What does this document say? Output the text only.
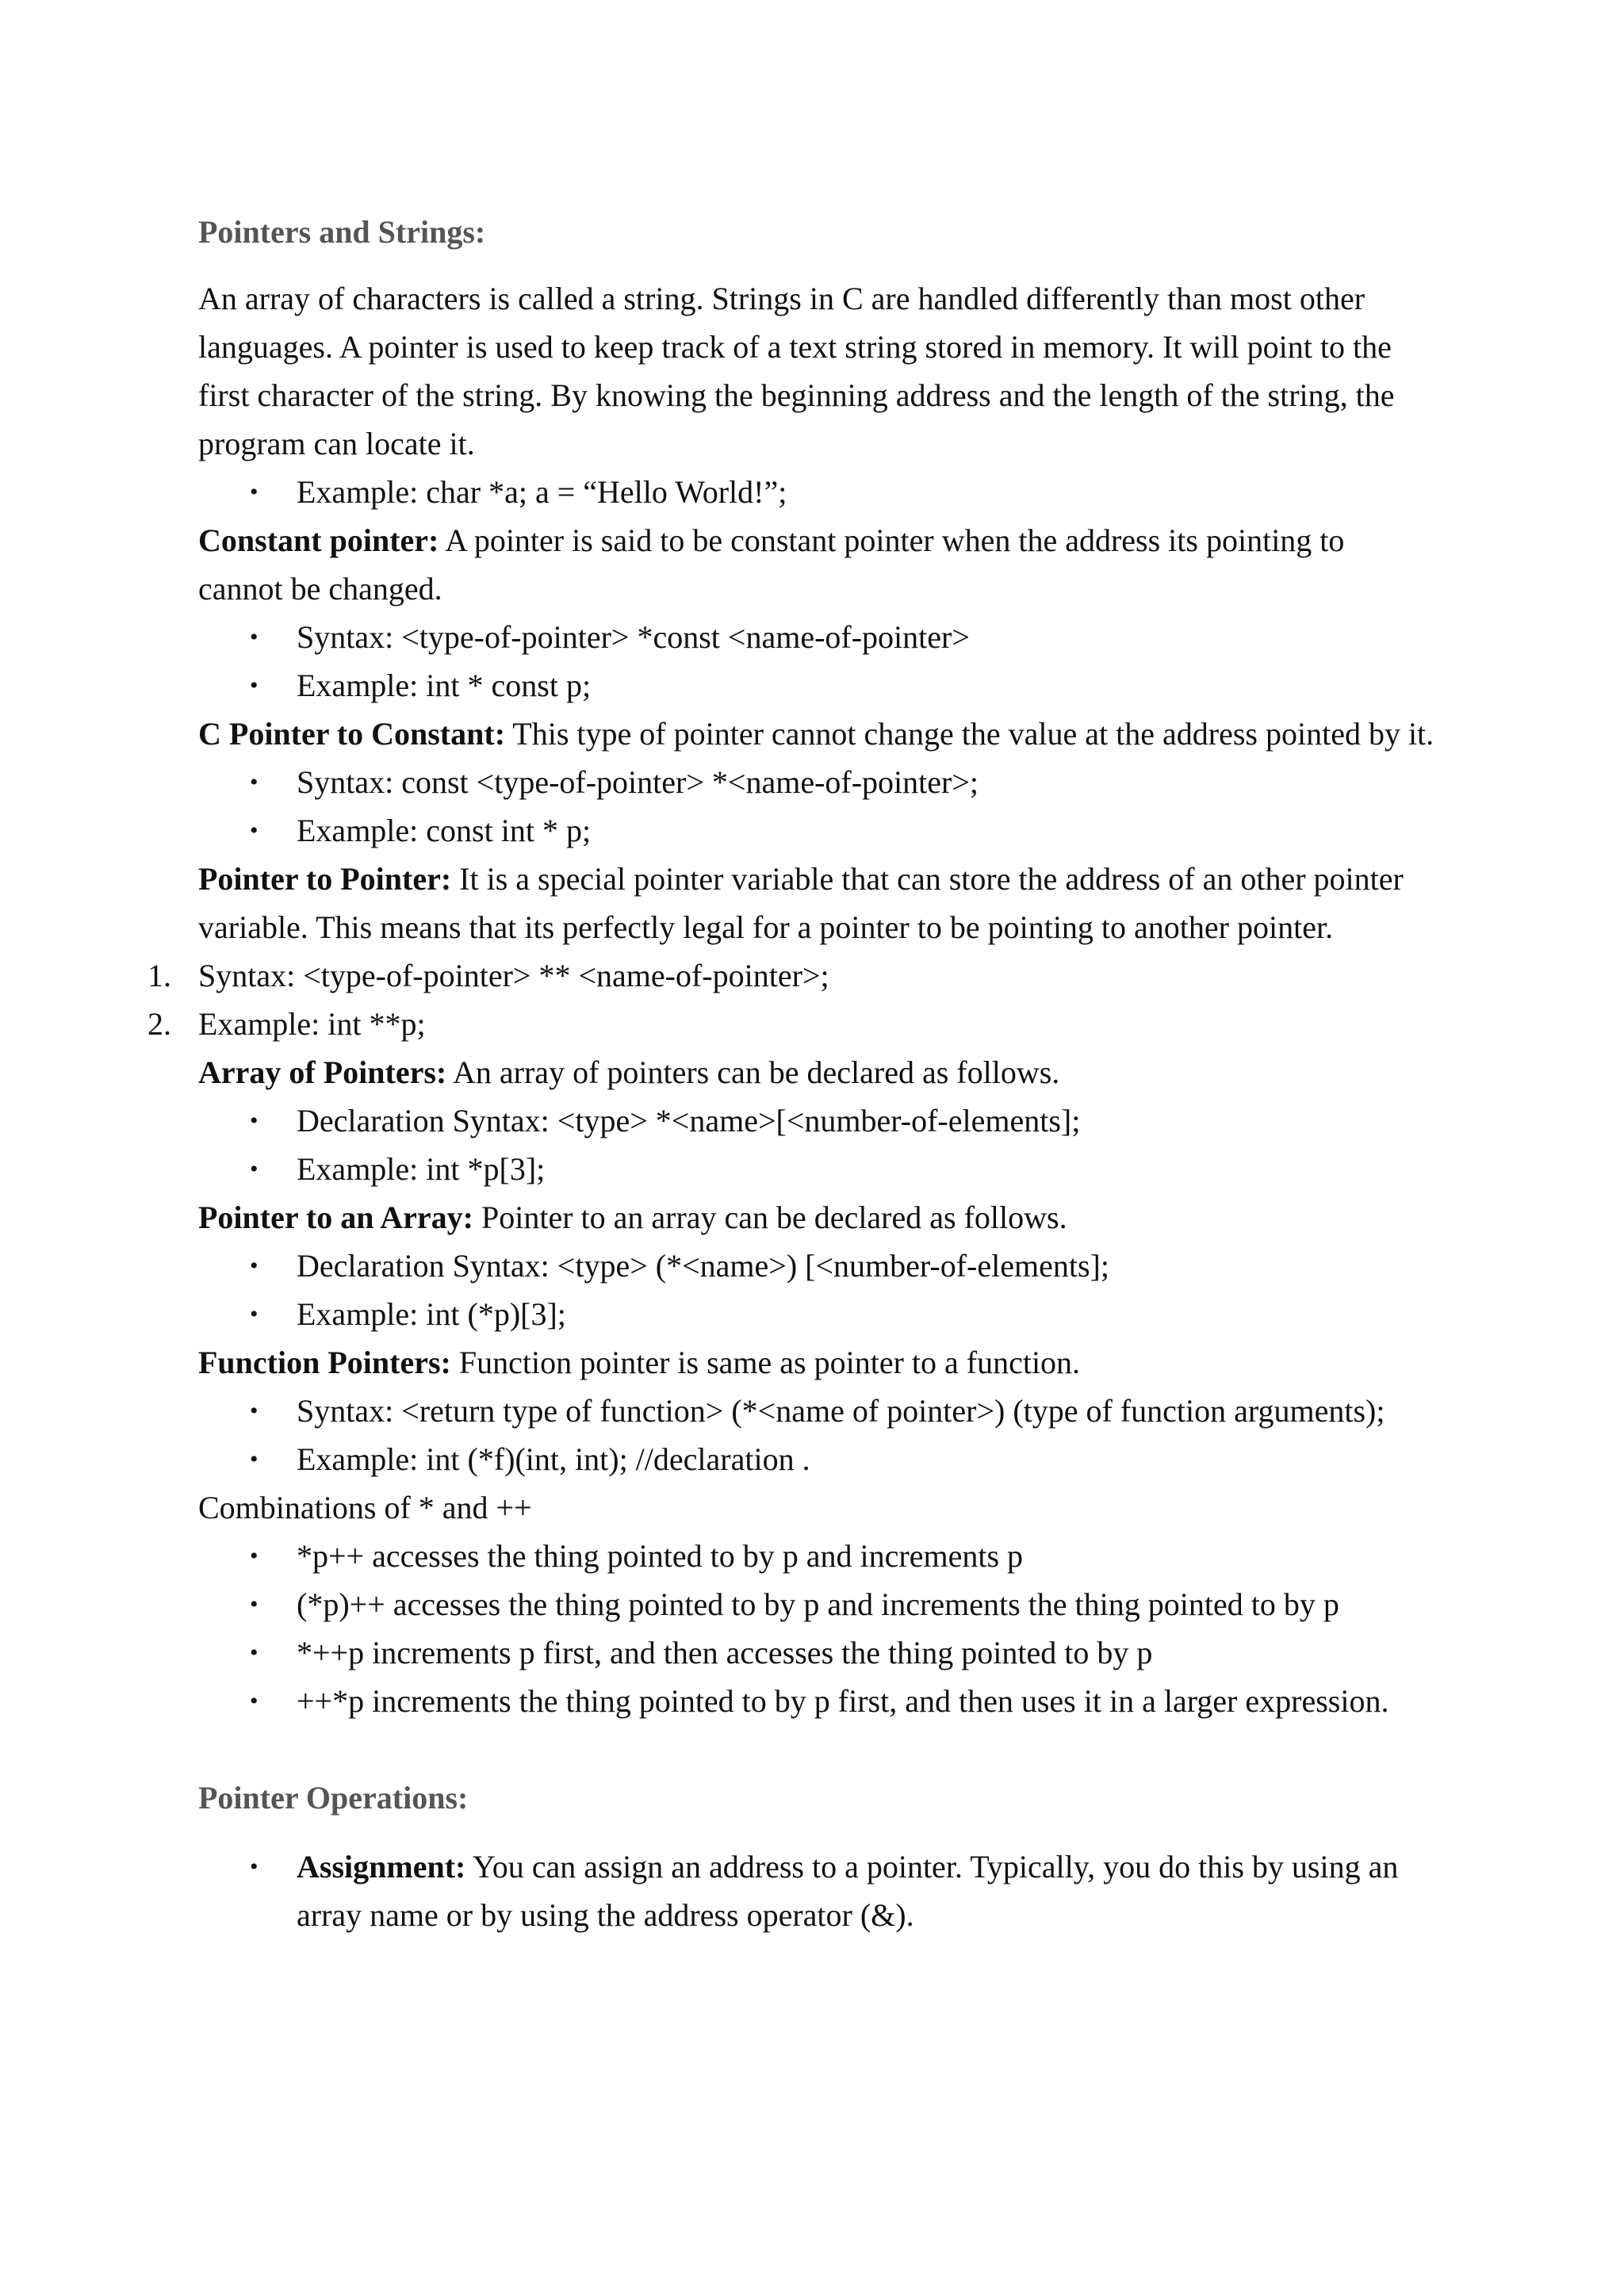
Pointers and Strings:

An array of characters is called a string. Strings in C are handled differently than most other languages. A pointer is used to keep track of a text string stored in memory. It will point to the first character of the string. By knowing the beginning address and the length of the string, the program can locate it.

• Example: char *a; a = “Hello World!”;

Constant pointer: A pointer is said to be constant pointer when the address its pointing to cannot be changed.

• Syntax: <type-of-pointer> *const <name-of-pointer>
• Example: int * const p;

C Pointer to Constant: This type of pointer cannot change the value at the address pointed by it.

• Syntax: const <type-of-pointer> *<name-of-pointer>;
• Example: const int * p;

Pointer to Pointer: It is a special pointer variable that can store the address of an other pointer variable. This means that its perfectly legal for a pointer to be pointing to another pointer.

1. Syntax: <type-of-pointer> ** <name-of-pointer>;
2. Example: int **p;

Array of Pointers: An array of pointers can be declared as follows.

• Declaration Syntax: <type> *<name>[<number-of-elements];
• Example: int *p[3];

Pointer to an Array: Pointer to an array can be declared as follows.

• Declaration Syntax: <type> (*<name>) [<number-of-elements];
• Example: int (*p)[3];

Function Pointers: Function pointer is same as pointer to a function.

• Syntax: <return type of function> (*<name of pointer>) (type of function arguments);
• Example: int (*f)(int, int); //declaration .

Combinations of * and ++

• *p++ accesses the thing pointed to by p and increments p
• (*p)++ accesses the thing pointed to by p and increments the thing pointed to by p
• *++p increments p first, and then accesses the thing pointed to by p
• ++*p increments the thing pointed to by p first, and then uses it in a larger expression.

Pointer Operations:

• Assignment: You can assign an address to a pointer. Typically, you do this by using an array name or by using the address operator (&).
